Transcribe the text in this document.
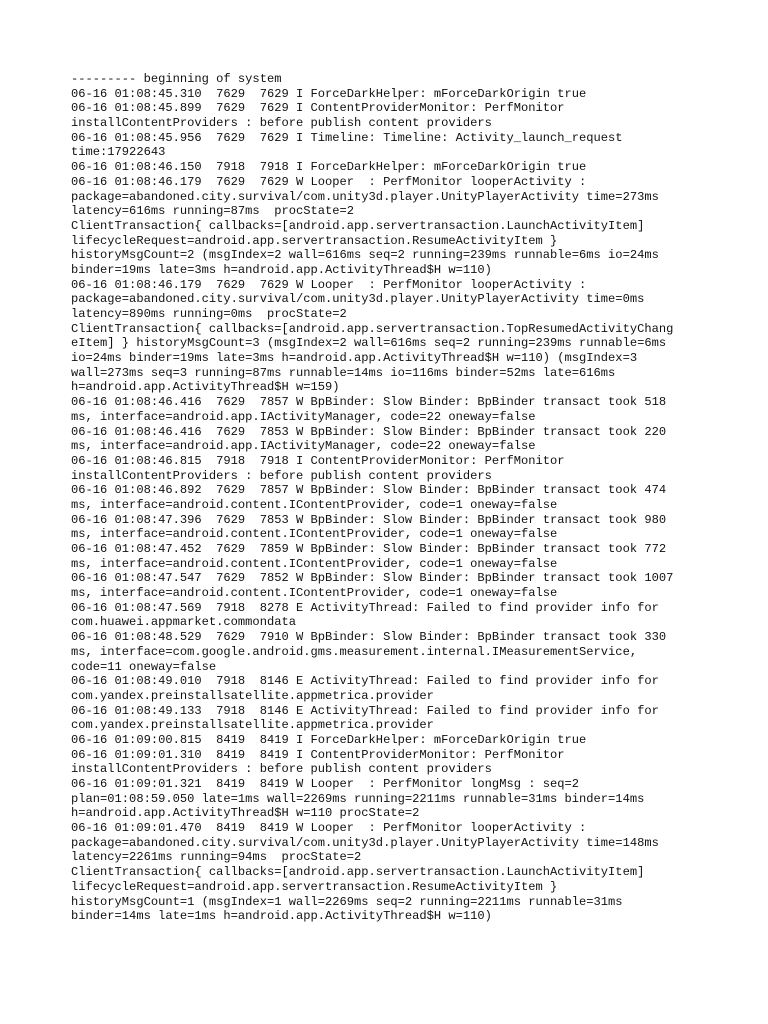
--------- beginning of system
06-16 01:08:45.310  7629  7629 I ForceDarkHelper: mForceDarkOrigin true
06-16 01:08:45.899  7629  7629 I ContentProviderMonitor: PerfMonitor
installContentProviders : before publish content providers
06-16 01:08:45.956  7629  7629 I Timeline: Timeline: Activity_launch_request
time:17922643
06-16 01:08:46.150  7918  7918 I ForceDarkHelper: mForceDarkOrigin true
06-16 01:08:46.179  7629  7629 W Looper  : PerfMonitor looperActivity :
package=abandoned.city.survival/com.unity3d.player.UnityPlayerActivity time=273ms
latency=616ms running=87ms  procState=2
ClientTransaction{ callbacks=[android.app.servertransaction.LaunchActivityItem]
lifecycleRequest=android.app.servertransaction.ResumeActivityItem }
historyMsgCount=2 (msgIndex=2 wall=616ms seq=2 running=239ms runnable=6ms io=24ms
binder=19ms late=3ms h=android.app.ActivityThread$H w=110)
06-16 01:08:46.179  7629  7629 W Looper  : PerfMonitor looperActivity :
package=abandoned.city.survival/com.unity3d.player.UnityPlayerActivity time=0ms
latency=890ms running=0ms  procState=2
ClientTransaction{ callbacks=[android.app.servertransaction.TopResumedActivityChang
eItem] } historyMsgCount=3 (msgIndex=2 wall=616ms seq=2 running=239ms runnable=6ms
io=24ms binder=19ms late=3ms h=android.app.ActivityThread$H w=110) (msgIndex=3
wall=273ms seq=3 running=87ms runnable=14ms io=116ms binder=52ms late=616ms
h=android.app.ActivityThread$H w=159)
06-16 01:08:46.416  7629  7857 W BpBinder: Slow Binder: BpBinder transact took 518
ms, interface=android.app.IActivityManager, code=22 oneway=false
06-16 01:08:46.416  7629  7853 W BpBinder: Slow Binder: BpBinder transact took 220
ms, interface=android.app.IActivityManager, code=22 oneway=false
06-16 01:08:46.815  7918  7918 I ContentProviderMonitor: PerfMonitor
installContentProviders : before publish content providers
06-16 01:08:46.892  7629  7857 W BpBinder: Slow Binder: BpBinder transact took 474
ms, interface=android.content.IContentProvider, code=1 oneway=false
06-16 01:08:47.396  7629  7853 W BpBinder: Slow Binder: BpBinder transact took 980
ms, interface=android.content.IContentProvider, code=1 oneway=false
06-16 01:08:47.452  7629  7859 W BpBinder: Slow Binder: BpBinder transact took 772
ms, interface=android.content.IContentProvider, code=1 oneway=false
06-16 01:08:47.547  7629  7852 W BpBinder: Slow Binder: BpBinder transact took 1007
ms, interface=android.content.IContentProvider, code=1 oneway=false
06-16 01:08:47.569  7918  8278 E ActivityThread: Failed to find provider info for
com.huawei.appmarket.commondata
06-16 01:08:48.529  7629  7910 W BpBinder: Slow Binder: BpBinder transact took 330
ms, interface=com.google.android.gms.measurement.internal.IMeasurementService,
code=11 oneway=false
06-16 01:08:49.010  7918  8146 E ActivityThread: Failed to find provider info for
com.yandex.preinstallsatellite.appmetrica.provider
06-16 01:08:49.133  7918  8146 E ActivityThread: Failed to find provider info for
com.yandex.preinstallsatellite.appmetrica.provider
06-16 01:09:00.815  8419  8419 I ForceDarkHelper: mForceDarkOrigin true
06-16 01:09:01.310  8419  8419 I ContentProviderMonitor: PerfMonitor
installContentProviders : before publish content providers
06-16 01:09:01.321  8419  8419 W Looper  : PerfMonitor longMsg : seq=2
plan=01:08:59.050 late=1ms wall=2269ms running=2211ms runnable=31ms binder=14ms
h=android.app.ActivityThread$H w=110 procState=2
06-16 01:09:01.470  8419  8419 W Looper  : PerfMonitor looperActivity :
package=abandoned.city.survival/com.unity3d.player.UnityPlayerActivity time=148ms
latency=2261ms running=94ms  procState=2
ClientTransaction{ callbacks=[android.app.servertransaction.LaunchActivityItem]
lifecycleRequest=android.app.servertransaction.ResumeActivityItem }
historyMsgCount=1 (msgIndex=1 wall=2269ms seq=2 running=2211ms runnable=31ms
binder=14ms late=1ms h=android.app.ActivityThread$H w=110)
